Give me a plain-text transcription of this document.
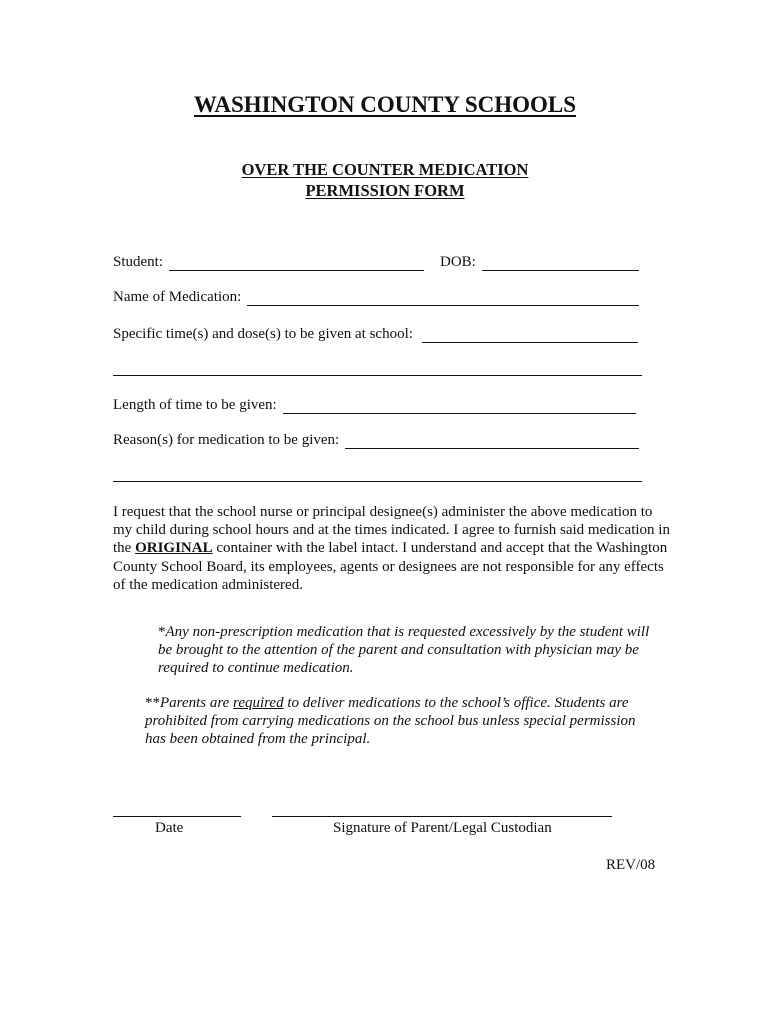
WASHINGTON COUNTY SCHOOLS
OVER THE COUNTER MEDICATION
PERMISSION FORM
Student:	DOB:
Name of Medication:
Specific time(s) and dose(s) to be given at school:
Length of time to be given:
Reason(s) for medication to be given:
I request that the school nurse or principal designee(s) administer the above medication to my child during school hours and at the times indicated. I agree to furnish said medication in the ORIGINAL container with the label intact. I understand and accept that the Washington County School Board, its employees, agents or designees are not responsible for any effects of the medication administered.
*Any non-prescription medication that is requested excessively by the student will be brought to the attention of the parent and consultation with physician may be required to continue medication.
**Parents are required to deliver medications to the school’s office. Students are prohibited from carrying medications on the school bus unless special permission has been obtained from the principal.
Date	Signature of Parent/Legal Custodian
REV/08
